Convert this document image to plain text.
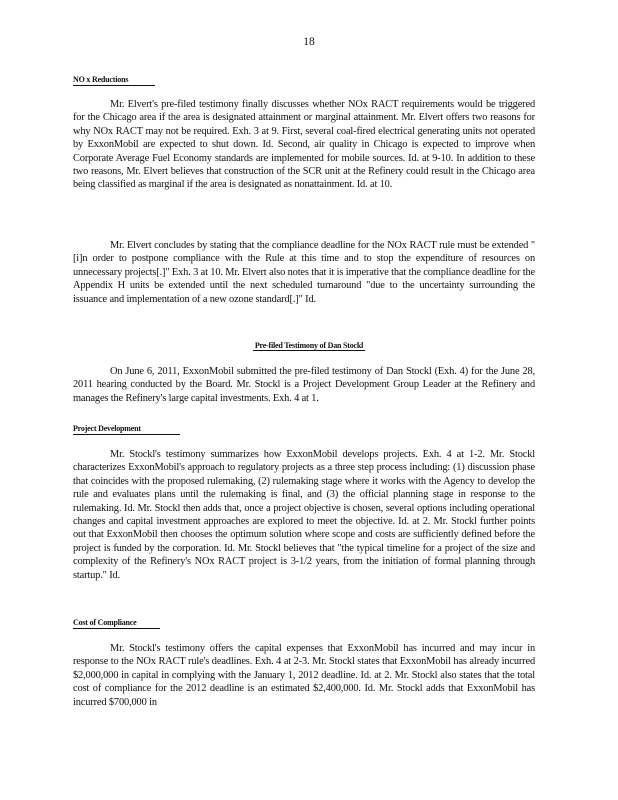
18
NO x Reductions

Mr. Elvert's pre-filed testimony finally discusses whether NOx RACT requirements would be triggered for the Chicago area if the area is designated attainment or marginal attainment. Mr. Elvert offers two reasons for why NOx RACT may not be required. Exh. 3 at 9. First, several coal-fired electrical generating units not operated by ExxonMobil are expected to shut down. Id. Second, air quality in Chicago is expected to improve when Corporate Average Fuel Economy standards are implemented for mobile sources. Id. at 9-10. In addition to these two reasons, Mr. Elvert believes that construction of the SCR unit at the Refinery could result in the Chicago area being classified as marginal if the area is designated as nonattainment. Id. at 10.

Mr. Elvert concludes by stating that the compliance deadline for the NOx RACT rule must be extended "[i]n order to postpone compliance with the Rule at this time and to stop the expenditure of resources on unnecessary projects[.]" Exh. 3 at 10. Mr. Elvert also notes that it is imperative that the compliance deadline for the Appendix H units be extended until the next scheduled turnaround "due to the uncertainty surrounding the issuance and implementation of a new ozone standard[.]" Id.

Pre-filed Testimony of Dan Stockl

On June 6, 2011, ExxonMobil submitted the pre-filed testimony of Dan Stockl (Exh. 4) for the June 28, 2011 hearing conducted by the Board. Mr. Stockl is a Project Development Group Leader at the Refinery and manages the Refinery's large capital investments. Exh. 4 at 1.

Project Development

Mr. Stockl's testimony summarizes how ExxonMobil develops projects. Exh. 4 at 1-2. Mr. Stockl characterizes ExxonMobil's approach to regulatory projects as a three step process including: (1) discussion phase that coincides with the proposed rulemaking, (2) rulemaking stage where it works with the Agency to develop the rule and evaluates plans until the rulemaking is final, and (3) the official planning stage in response to the rulemaking. Id. Mr. Stockl then adds that, once a project objective is chosen, several options including operational changes and capital investment approaches are explored to meet the objective. Id. at 2. Mr. Stockl further points out that ExxonMobil then chooses the optimum solution where scope and costs are sufficiently defined before the project is funded by the corporation. Id. Mr. Stockl believes that "the typical timeline for a project of the size and complexity of the Refinery's NOx RACT project is 3-1/2 years, from the initiation of formal planning through startup." Id.

Cost of Compliance

Mr. Stockl's testimony offers the capital expenses that ExxonMobil has incurred and may incur in response to the NOx RACT rule's deadlines. Exh. 4 at 2-3. Mr. Stockl states that ExxonMobil has already incurred $2,000,000 in capital in complying with the January 1, 2012 deadline. Id. at 2. Mr. Stockl also states that the total cost of compliance for the 2012 deadline is an estimated $2,400,000. Id. Mr. Stockl adds that ExxonMobil has incurred $700,000 in
